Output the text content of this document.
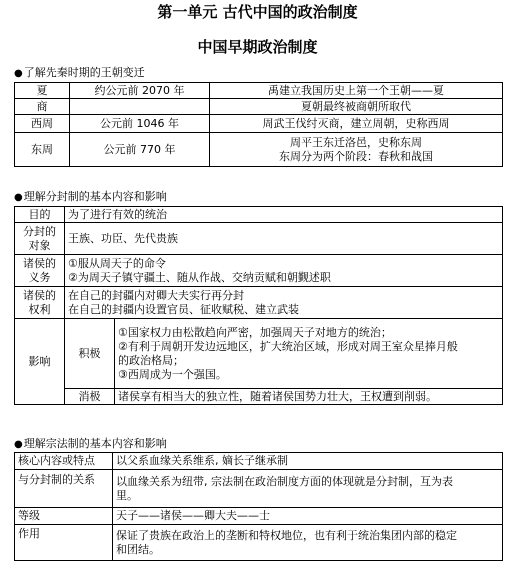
第一单元 古代中国的政治制度
中国早期政治制度
●了解先秦时期的王朝变迁
夏	约公元前 2070 年	禹建立我国历史上第一个王朝——夏

商		夏朝最终被商朝所取代

西周	公元前 1046 年	周武王伐纣灭商，建立周朝，史称西周

东周	公元前 770 年	周平王东迁洛邑，史称东周
东周分为两个阶段：春秋和战国
●理解分封制的基本内容和影响
目的	为了进行有效的统治	

分封的
对象	王族、功臣、先代贵族	

诸侯的
义务	①服从周天子的命令
②为周天子镇守疆土、随从作战、交纳贡赋和朝觐述职	

诸侯的
权利	在自己的封疆内对卿大夫实行再分封
在自己的封疆内设置官员、征收赋税、建立武装	

影响	积极	①国家权力由松散趋向严密，加强周天子对地方的统治；
②有利于周朝开发边远地区，扩大统治区域，形成对周王室众星捧月般
的政治格局；
③西周成为一个强国。

	消极	诸侯享有相当大的独立性，随着诸侯国势力壮大，王权遭到削弱。
●理解宗法制的基本内容和影响
核心内容或特点	以父系血缘关系维系, 嫡长子继承制

与分封制的关系	以血缘关系为纽带, 宗法制在政治制度方面的体现就是分封制，互为表
里。

等级	天子——诸侯——卿大夫——士

作用	保证了贵族在政治上的垄断和特权地位，也有利于统治集团内部的稳定
和团结。
